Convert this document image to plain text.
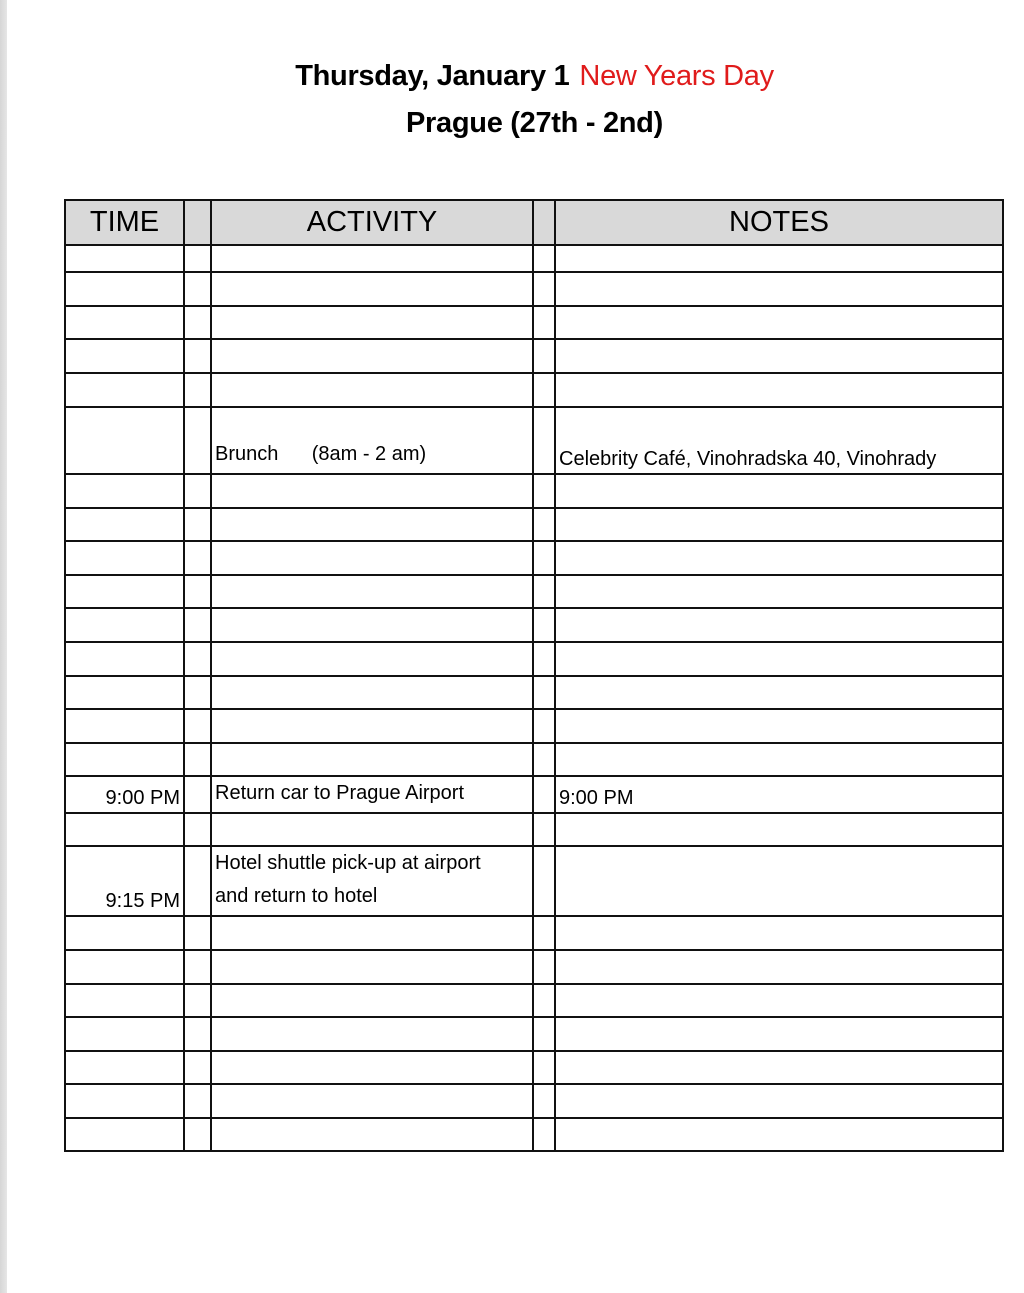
Thursday, January 1 New Years Day
Prague (27th - 2nd)
TIME		ACTIVITY		NOTES

		Brunch      (8am - 2 am)		Celebrity Café, Vinohradska 40, Vinohrady

9:00 PM		Return car to Prague Airport		9:00 PM

9:15 PM		Hotel shuttle pick-up at airport
and return to hotel		
